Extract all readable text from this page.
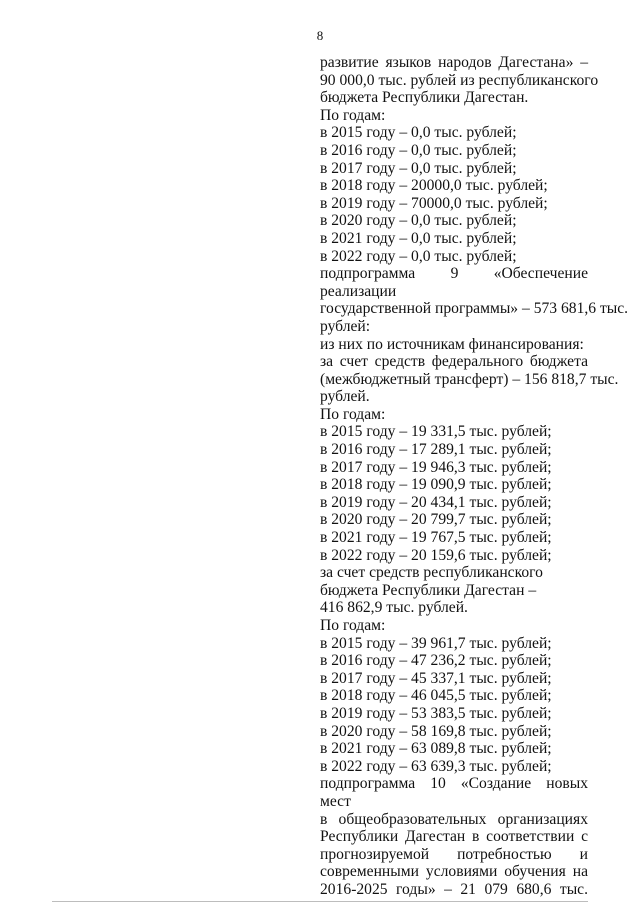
8
развитие языков народов Дагестана» –
90 000,0 тыс. рублей из республиканского
бюджета Республики Дагестан.
По годам:
в 2015 году – 0,0 тыс. рублей;
в 2016 году – 0,0 тыс. рублей;
в 2017 году – 0,0 тыс. рублей;
в 2018 году – 20000,0 тыс. рублей;
в 2019 году – 70000,0 тыс. рублей;
в 2020 году – 0,0 тыс. рублей;
в 2021 году – 0,0 тыс. рублей;
в 2022 году – 0,0 тыс. рублей;
подпрограмма 9 «Обеспечение реализации
государственной программы» – 573 681,6 тыс.
рублей:
из них по источникам финансирования:
за счет средств федерального бюджета
(межбюджетный трансферт) – 156 818,7 тыс.
рублей.
По годам:
в 2015 году – 19 331,5 тыс. рублей;
в 2016 году – 17 289,1 тыс. рублей;
в 2017 году – 19 946,3 тыс. рублей;
в 2018 году – 19 090,9 тыс. рублей;
в 2019 году – 20 434,1 тыс. рублей;
в 2020 году – 20 799,7 тыс. рублей;
в 2021 году – 19 767,5 тыс. рублей;
в 2022 году – 20 159,6 тыс. рублей;
за счет средств республиканского
бюджета Республики Дагестан –
416 862,9 тыс. рублей.
По годам:
в 2015 году – 39 961,7 тыс. рублей;
в 2016 году – 47 236,2 тыс. рублей;
в 2017 году – 45 337,1 тыс. рублей;
в 2018 году – 46 045,5 тыс. рублей;
в 2019 году – 53 383,5 тыс. рублей;
в 2020 году – 58 169,8 тыс. рублей;
в 2021 году – 63 089,8 тыс. рублей;
в 2022 году – 63 639,3 тыс. рублей;
подпрограмма 10 «Создание новых мест
в общеобразовательных организациях
Республики Дагестан в соответствии с
прогнозируемой потребностью и
современными условиями обучения на
2016-2025 годы» – 21 079 680,6 тыс.
